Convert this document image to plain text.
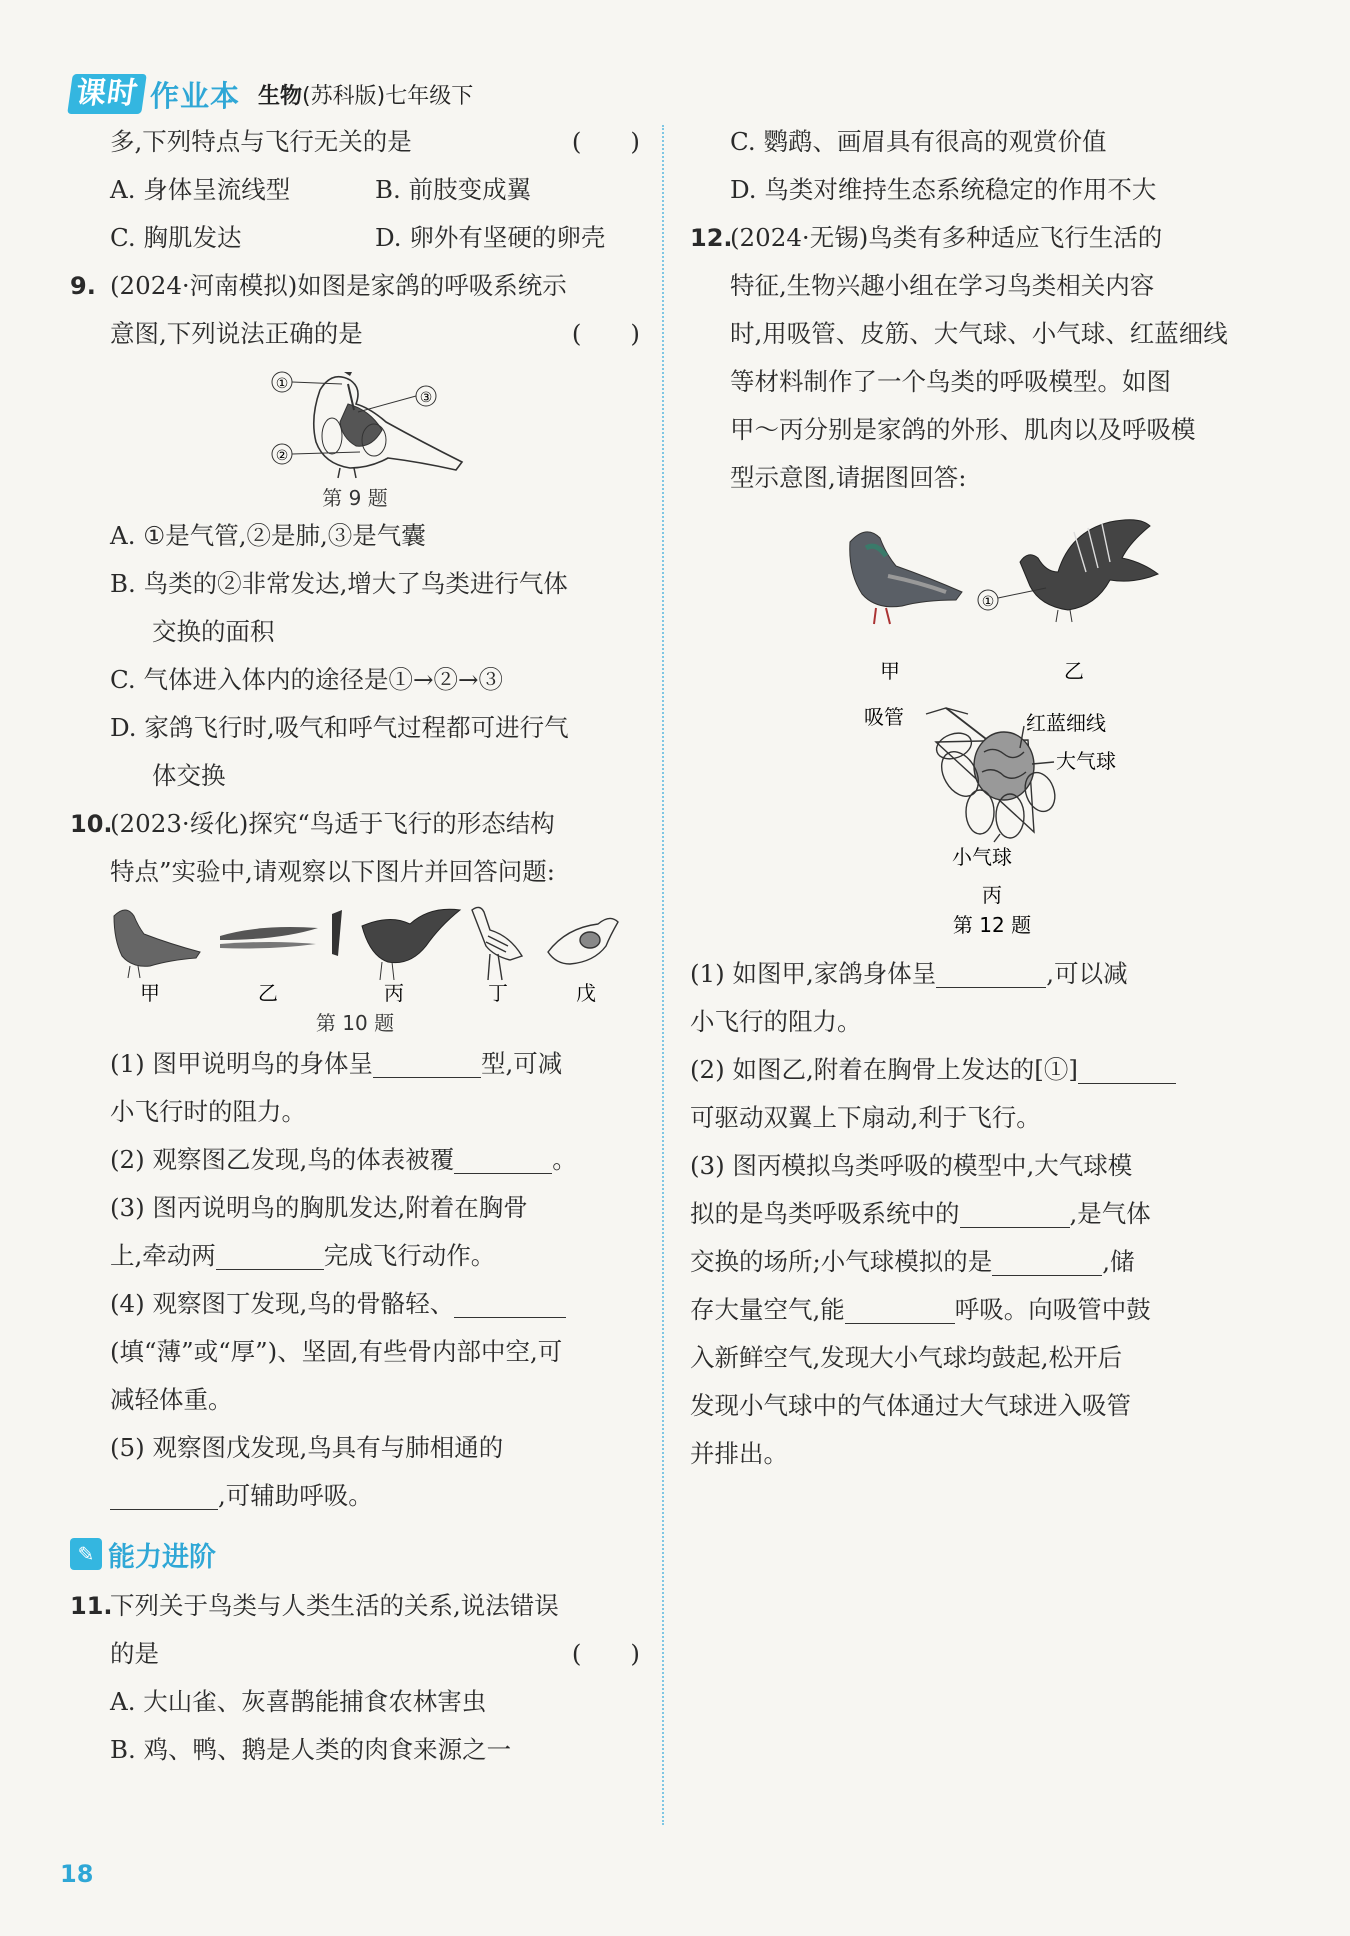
课时 作业本 生物(苏科版)七年级下
多,下列特点与飞行无关的是	(　　)
A. 身体呈流线型	B. 前肢变成翼
C. 胸肌发达	D. 卵外有坚硬的卵壳
9. (2024·河南模拟)如图是家鸽的呼吸系统示
意图,下列说法正确的是	(　　)
①
③
②
第 9 题
A. ①是气管,②是肺,③是气囊
B. 鸟类的②非常发达,增大了鸟类进行气体
交换的面积
C. 气体进入体内的途径是①→②→③
D. 家鸽飞行时,吸气和呼气过程都可进行气
体交换
10.(2023·绥化)探究“鸟适于飞行的形态结构
特点”实验中,请观察以下图片并回答问题:
甲	乙	丙	丁	戊
第 10 题
(1) 图甲说明鸟的身体呈	型,可减
小飞行时的阻力。
(2) 观察图乙发现,鸟的体表被覆	。
(3) 图丙说明鸟的胸肌发达,附着在胸骨
上,牵动两	完成飞行动作。
(4) 观察图丁发现,鸟的骨骼轻、
(填“薄”或“厚”)、坚固,有些骨内部中空,可
减轻体重。
(5) 观察图戊发现,鸟具有与肺相通的
,可辅助呼吸。
✎ 能力进阶
11.下列关于鸟类与人类生活的关系,说法错误
的是	(　　)
A. 大山雀、灰喜鹊能捕食农林害虫
B. 鸡、鸭、鹅是人类的肉食来源之一
C. 鹦鹉、画眉具有很高的观赏价值
D. 鸟类对维持生态系统稳定的作用不大
12.(2024·无锡)鸟类有多种适应飞行生活的
特征,生物兴趣小组在学习鸟类相关内容
时,用吸管、皮筋、大气球、小气球、红蓝细线
等材料制作了一个鸟类的呼吸模型。如图
甲～丙分别是家鸽的外形、肌肉以及呼吸模
型示意图,请据图回答:
①
甲	乙
吸管	红蓝细线
大气球
小气球
丙
第 12 题
(1) 如图甲,家鸽身体呈	,可以减
小飞行的阻力。
(2) 如图乙,附着在胸骨上发达的[①]
可驱动双翼上下扇动,利于飞行。
(3) 图丙模拟鸟类呼吸的模型中,大气球模
拟的是鸟类呼吸系统中的	,是气体
交换的场所;小气球模拟的是	,储
存大量空气,能	呼吸。向吸管中鼓
入新鲜空气,发现大小气球均鼓起,松开后
发现小气球中的气体通过大气球进入吸管
并排出。
18
